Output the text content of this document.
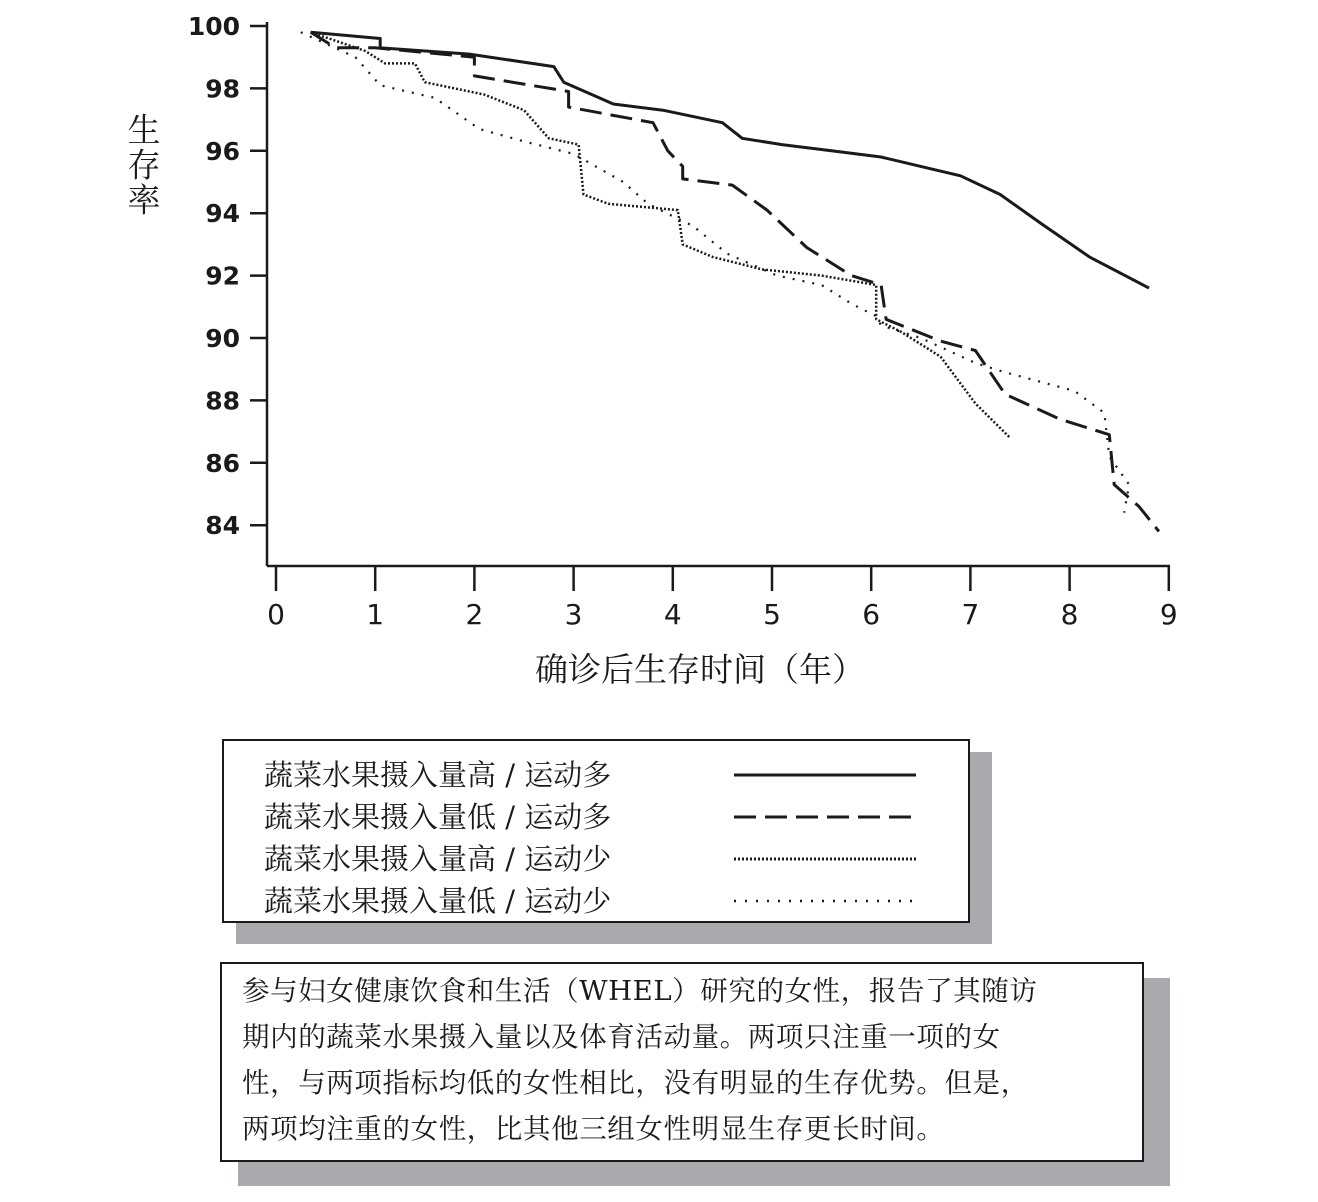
100
98
96
94
92
90
88
86
84
0	1	2	3	4	5	6	7	8	9
确诊后生存时间（年）
生存率
蔬菜水果摄入量高 / 运动多
蔬菜水果摄入量低 / 运动多
蔬菜水果摄入量高 / 运动少
蔬菜水果摄入量低 / 运动少
参与妇女健康饮食和生活（WHEL）研究的女性，报告了其随访
期内的蔬菜水果摄入量以及体育活动量。两项只注重一项的女
性，与两项指标均低的女性相比，没有明显的生存优势。但是，
两项均注重的女性，比其他三组女性明显生存更长时间。
